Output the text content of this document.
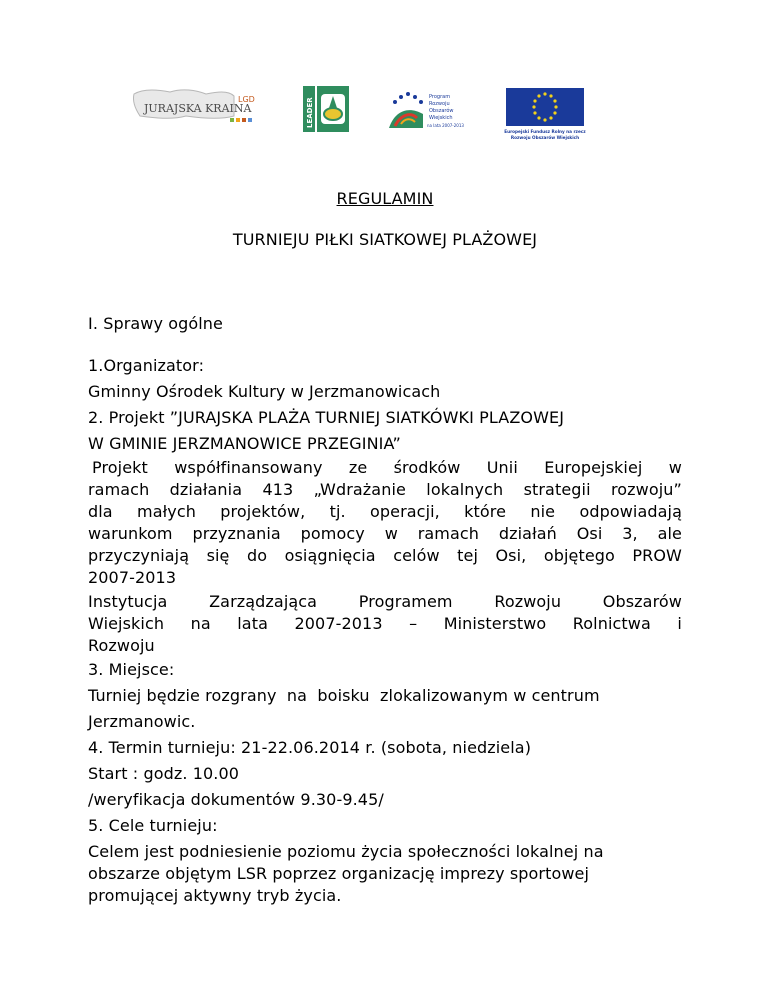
LGD
JURAJSKA KRAINA	LEADER
Program
Rozwoju
Obszarów
Wiejskich
na lata 2007-2013
Europejski Fundusz Rolny na rzecz
Rozwoju Obszarów Wiejskich
REGULAMIN
TURNIEJU PIŁKI SIATKOWEJ PLAŻOWEJ
I. Sprawy ogólne
1.Organizator:
Gminny Ośrodek Kultury w Jerzmanowicach
2. Projekt ”JURAJSKA PLAŻA TURNIEJ SIATKÓWKI PLAZOWEJ
W GMINIE JERZMANOWICE PRZEGINIA”
Projekt współfinansowany ze środków Unii Europejskiej w
ramach działania 413 „Wdrażanie lokalnych strategii rozwoju”
dla małych projektów, tj. operacji, które nie odpowiadają
warunkom przyznania pomocy w ramach działań Osi 3, ale
przyczyniają się do osiągnięcia celów tej Osi, objętego PROW
2007-2013
Instytucja	Zarządzająca	Programem	Rozwoju	Obszarów
Wiejskich na lata 2007-2013 – Ministerstwo Rolnictwa i
Rozwoju
3. Miejsce:
Turniej będzie rozgrany  na  boisku  zlokalizowanym w centrum
Jerzmanowic.
4. Termin turnieju: 21-22.06.2014 r. (sobota, niedziela)
Start : godz. 10.00
/weryfikacja dokumentów 9.30-9.45/
5. Cele turnieju:
Celem jest podniesienie poziomu życia społeczności lokalnej na
obszarze objętym LSR poprzez organizację imprezy sportowej
promującej aktywny tryb życia.
